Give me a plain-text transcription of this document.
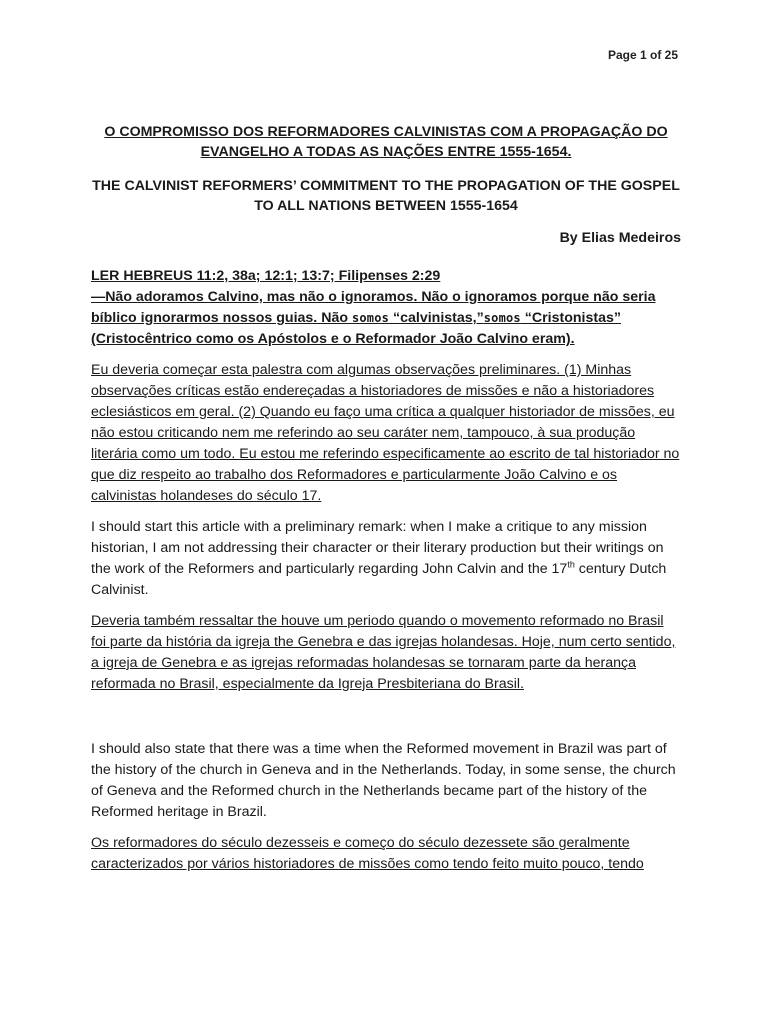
Page 1 of 25
O COMPROMISSO DOS REFORMADORES CALVINISTAS COM A PROPAGAÇÃO DO EVANGELHO A TODAS AS NAÇÕES ENTRE 1555-1654.
THE CALVINIST REFORMERS’ COMMITMENT TO THE PROPAGATION OF THE GOSPEL TO ALL NATIONS BETWEEN 1555-1654
By Elias Medeiros
LER HEBREUS 11:2, 38a; 12:1; 13:7; Filipenses 2:29
—Não adoramos Calvino, mas não o ignoramos. Não o ignoramos porque não seria bíblico ignorarmos nossos guias. Não somos “calvinistas,”somos “Cristonistas” (Cristocêntrico como os Apóstolos e o Reformador João Calvino eram).

Eu deveria começar esta palestra com algumas observações preliminares. (1) Minhas observações críticas estão endereçadas a historiadores de missões e não a historiadores eclesiásticos em geral. (2) Quando eu faço uma crítica a qualquer historiador de missões, eu não estou criticando nem me referindo ao seu caráter nem, tampouco, à sua produção literária como um todo. Eu estou me referindo especificamente ao escrito de tal historiador no que diz respeito ao trabalho dos Reformadores e particularmente João Calvino e os calvinistas holandeses do século 17.

I should start this article with a preliminary remark: when I make a critique to any mission historian, I am not addressing their character or their literary production but their writings on the work of the Reformers and particularly regarding John Calvin and the 17th century Dutch Calvinist.

Deveria também ressaltar the houve um periodo quando o movemento reformado no Brasil foi parte da história da igreja the Genebra e das igrejas holandesas. Hoje, num certo sentido, a igreja de Genebra e as igrejas reformadas holandesas se tornaram parte da herança reformada no Brasil, especialmente da Igreja Presbiteriana do Brasil.

I should also state that there was a time when the Reformed movement in Brazil was part of the history of the church in Geneva and in the Netherlands. Today, in some sense, the church of Geneva and the Reformed church in the Netherlands became part of the history of the Reformed heritage in Brazil.

Os reformadores do século dezesseis e começo do século dezessete são geralmente caracterizados por vários historiadores de missões como tendo feito muito pouco, tendo
